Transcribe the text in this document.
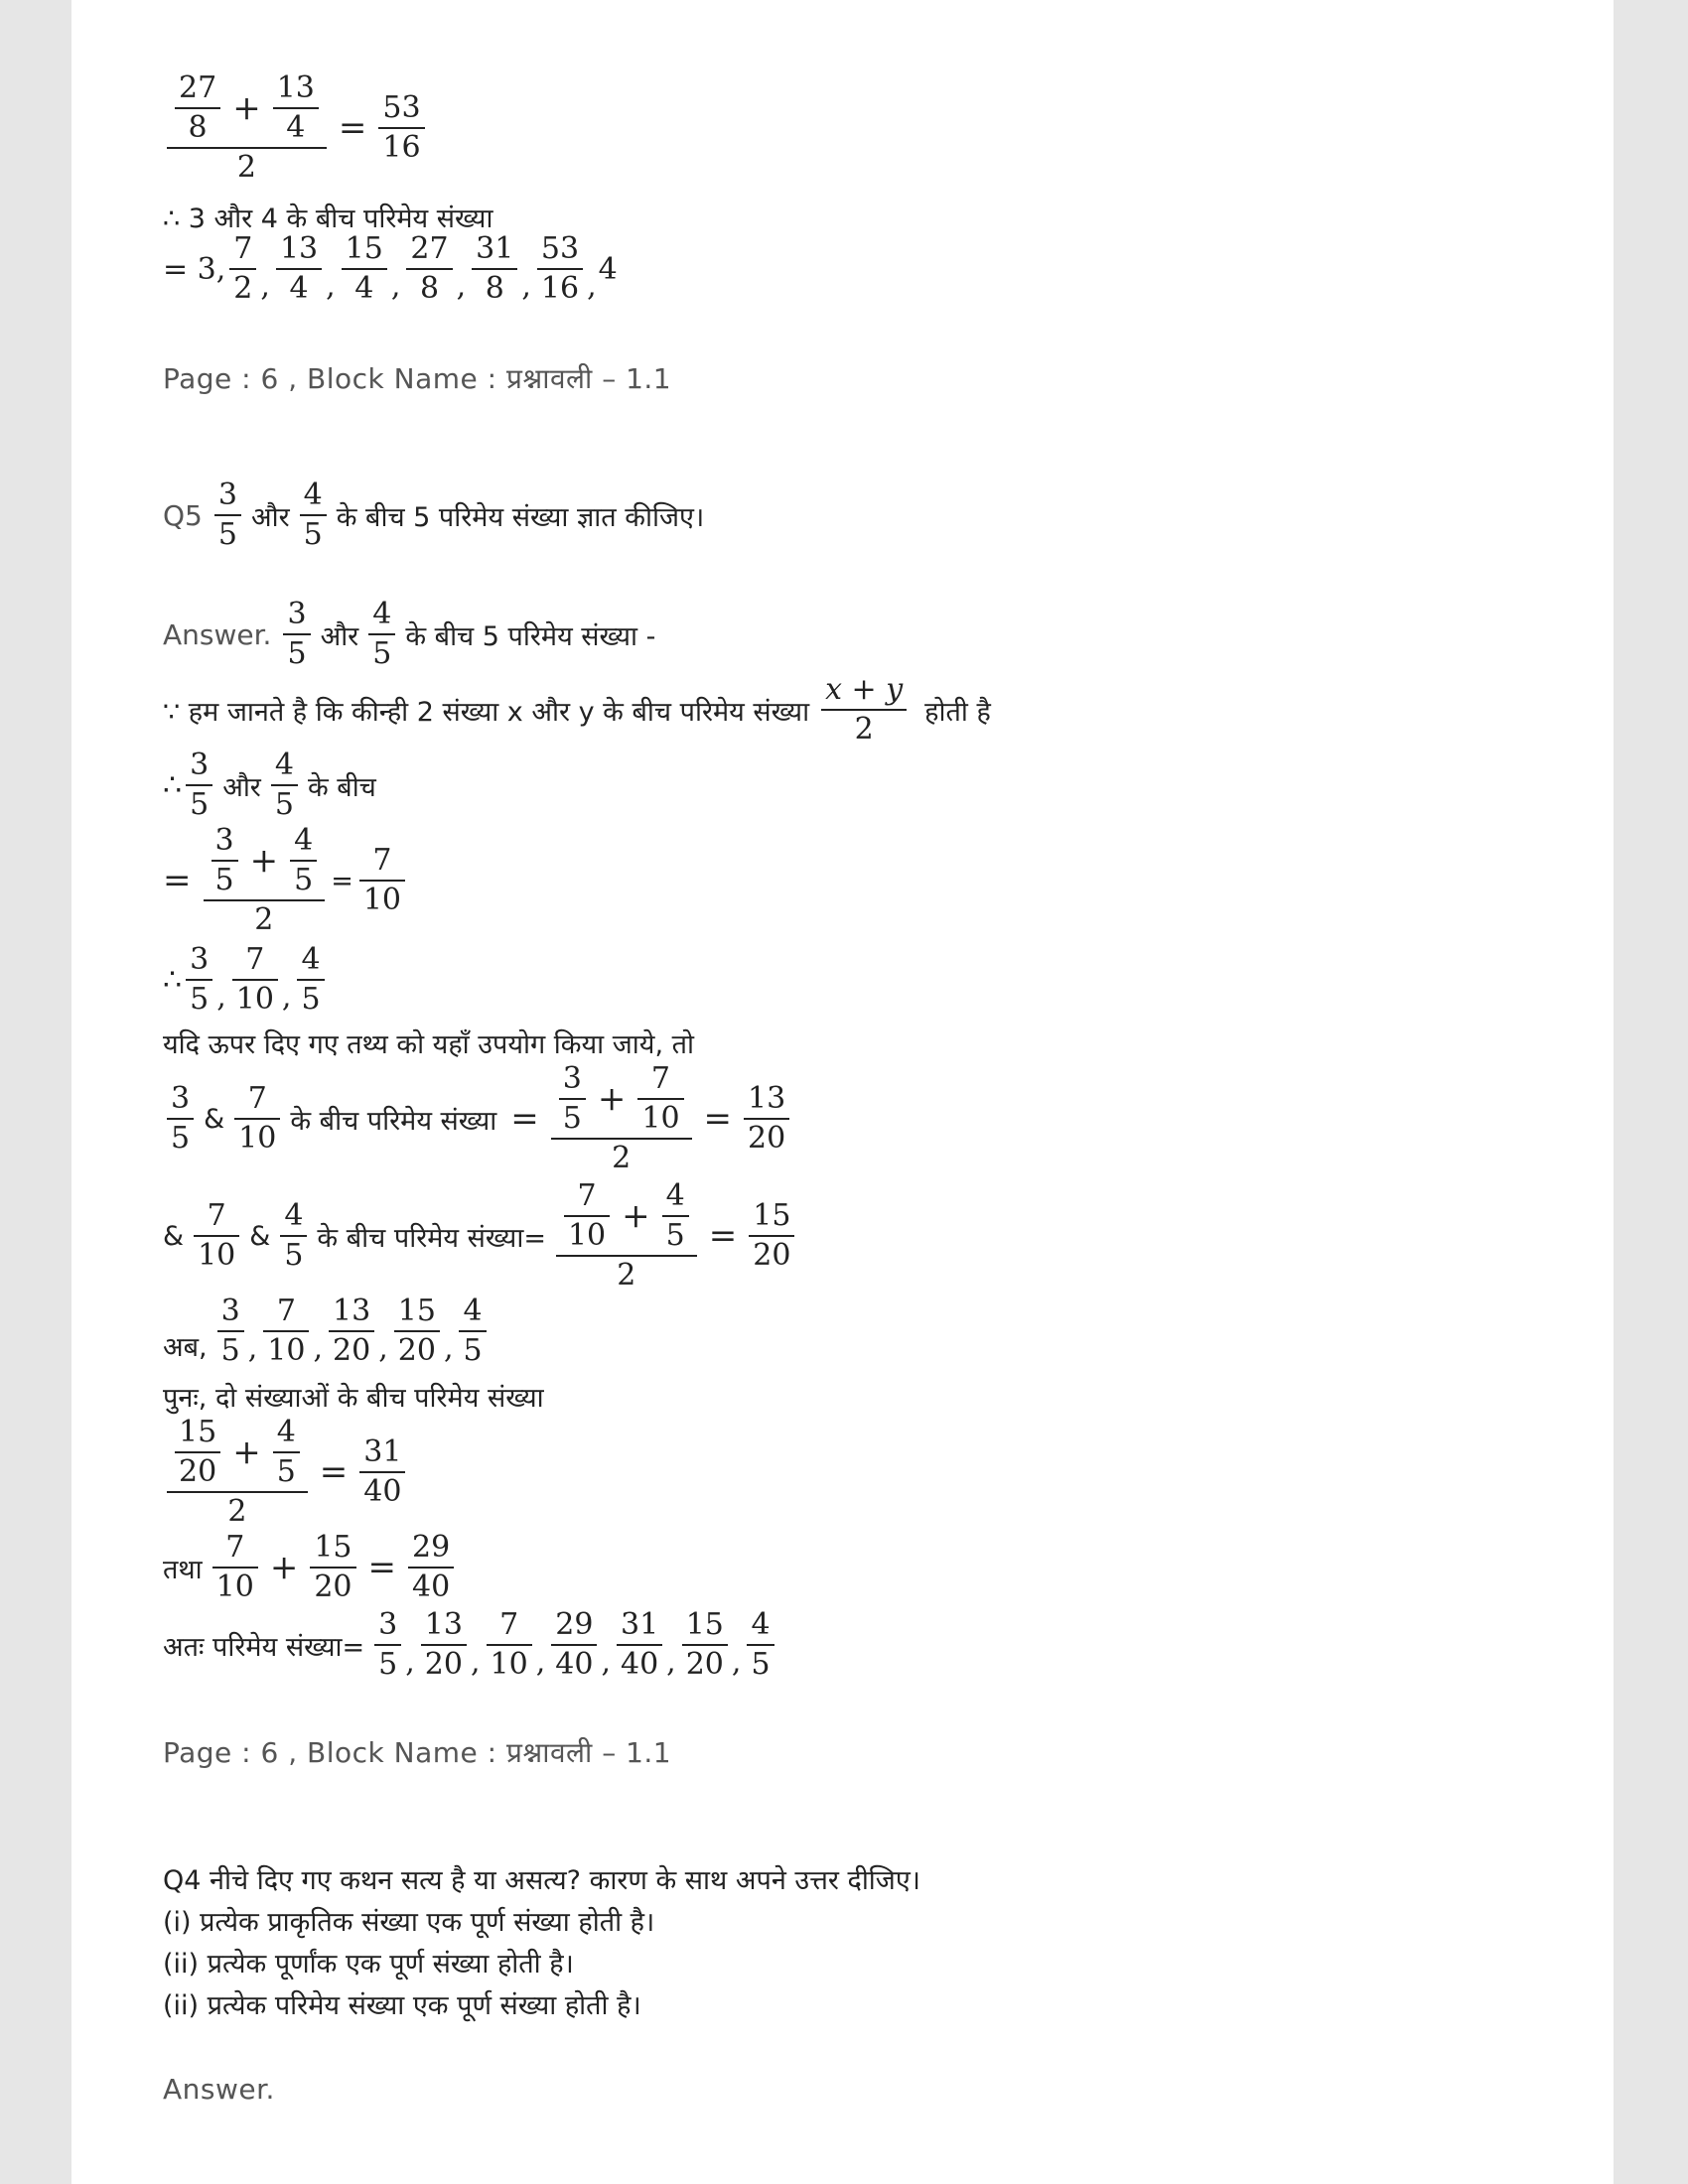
$\frac{\frac{27}{8} + \frac{13}{4}}{2} = \frac{53}{16}$
∴ 3 और 4 के बीच परिमेय संख्या
= 3, $\frac{7}{2}$ , $\frac{13}{4}$ , $\frac{15}{4}$ , $\frac{27}{8}$ , $\frac{31}{8}$ , $\frac{53}{16}$ , 4
Page : 6 , Block Name : प्रश्नावली – 1.1
$Q5 \frac{3}{5}$ और $\frac{4}{5}$ के बीच 5 परिमेय संख्या ज्ञात कीजिए।
Answer. $\frac{3}{5}$ और $\frac{4}{5}$ के बीच 5 परिमेय संख्या -
∵ हम जानते है कि कीन्ही 2 संख्या x और y के बीच परिमेय संख्या $\frac{x + y}{2}$ होती है
∴ $\frac{3}{5}$ और $\frac{4}{5}$ के बीच
= $\frac{\frac{3}{5} + \frac{4}{5}}{2} = \frac{7}{10}$
∴ $\frac{3}{5}$ , $\frac{7}{10}$ , $\frac{4}{5}$
यदि ऊपर दिए गए तथ्य को यहाँ उपयोग किया जाये, तो
$\frac{3}{5}$ & $\frac{7}{10}$ के बीच परिमेय संख्या = $\frac{\frac{3}{5} + \frac{7}{10}}{2} = \frac{13}{20}$
& $\frac{7}{10}$ & $\frac{4}{5}$ के बीच परिमेय संख्या= $\frac{\frac{7}{10} + \frac{4}{5}}{2} = \frac{15}{20}$
अब, $\frac{3}{5}$ , $\frac{7}{10}$ , $\frac{13}{20}$ , $\frac{15}{20}$ , $\frac{4}{5}$
पुनः, दो संख्याओं के बीच परिमेय संख्या
$\frac{\frac{15}{20} + \frac{4}{5}}{2} = \frac{31}{40}$
तथा $\frac{7}{10} + \frac{15}{20} = \frac{29}{40}$
अतः परिमेय संख्या= $\frac{3}{5}$ , $\frac{13}{20}$ , $\frac{7}{10}$ , $\frac{29}{40}$ , $\frac{31}{40}$ , $\frac{15}{20}$ , $\frac{4}{5}$
Page : 6 , Block Name : प्रश्नावली – 1.1
Q4 नीचे दिए गए कथन सत्य है या असत्य? कारण के साथ अपने उत्तर दीजिए।
(i) प्रत्येक प्राकृतिक संख्या एक पूर्ण संख्या होती है।
(ii) प्रत्येक पूर्णांक एक पूर्ण संख्या होती है।
(ii) प्रत्येक परिमेय संख्या एक पूर्ण संख्या होती है।
Answer.
